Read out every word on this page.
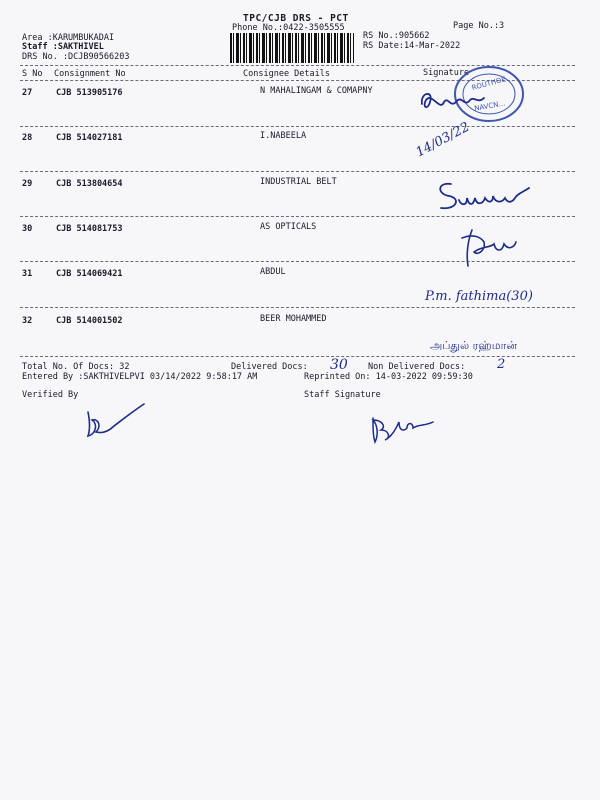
TPC/CJB DRS - PCT
Phone No.:0422-3505555	Page No.:3
Area :KARUMBUKADAI
Staff :SAKTHIVEL
DRS No. :DCJB90566203
RS No.:905662
RS Date:14-Mar-2022
S No Consignment No	Consignee Details	Signature
27	CJB 513905176	N MAHALINGAM & COMAPNY
28	CJB 514027181	I.NABEELA
29	CJB 513804654	INDUSTRIAL BELT
30	CJB 514081753	AS OPTICALS
31	CJB 514069421	ABDUL
32	CJB 514001502	BEER MOHAMMED
Total No. Of Docs: 32	Delivered Docs:	Non Delivered Docs:
Entered By :SAKTHIVELPVI 03/14/2022 9:58:17 AM	Reprinted On: 14-03-2022 09:59:30
Verified By	Staff Signature
30	2
ROUTHOE
NAVCN...
14/03/22
P.m. fathima(30)
அப்துல் ரஹ்மான்
